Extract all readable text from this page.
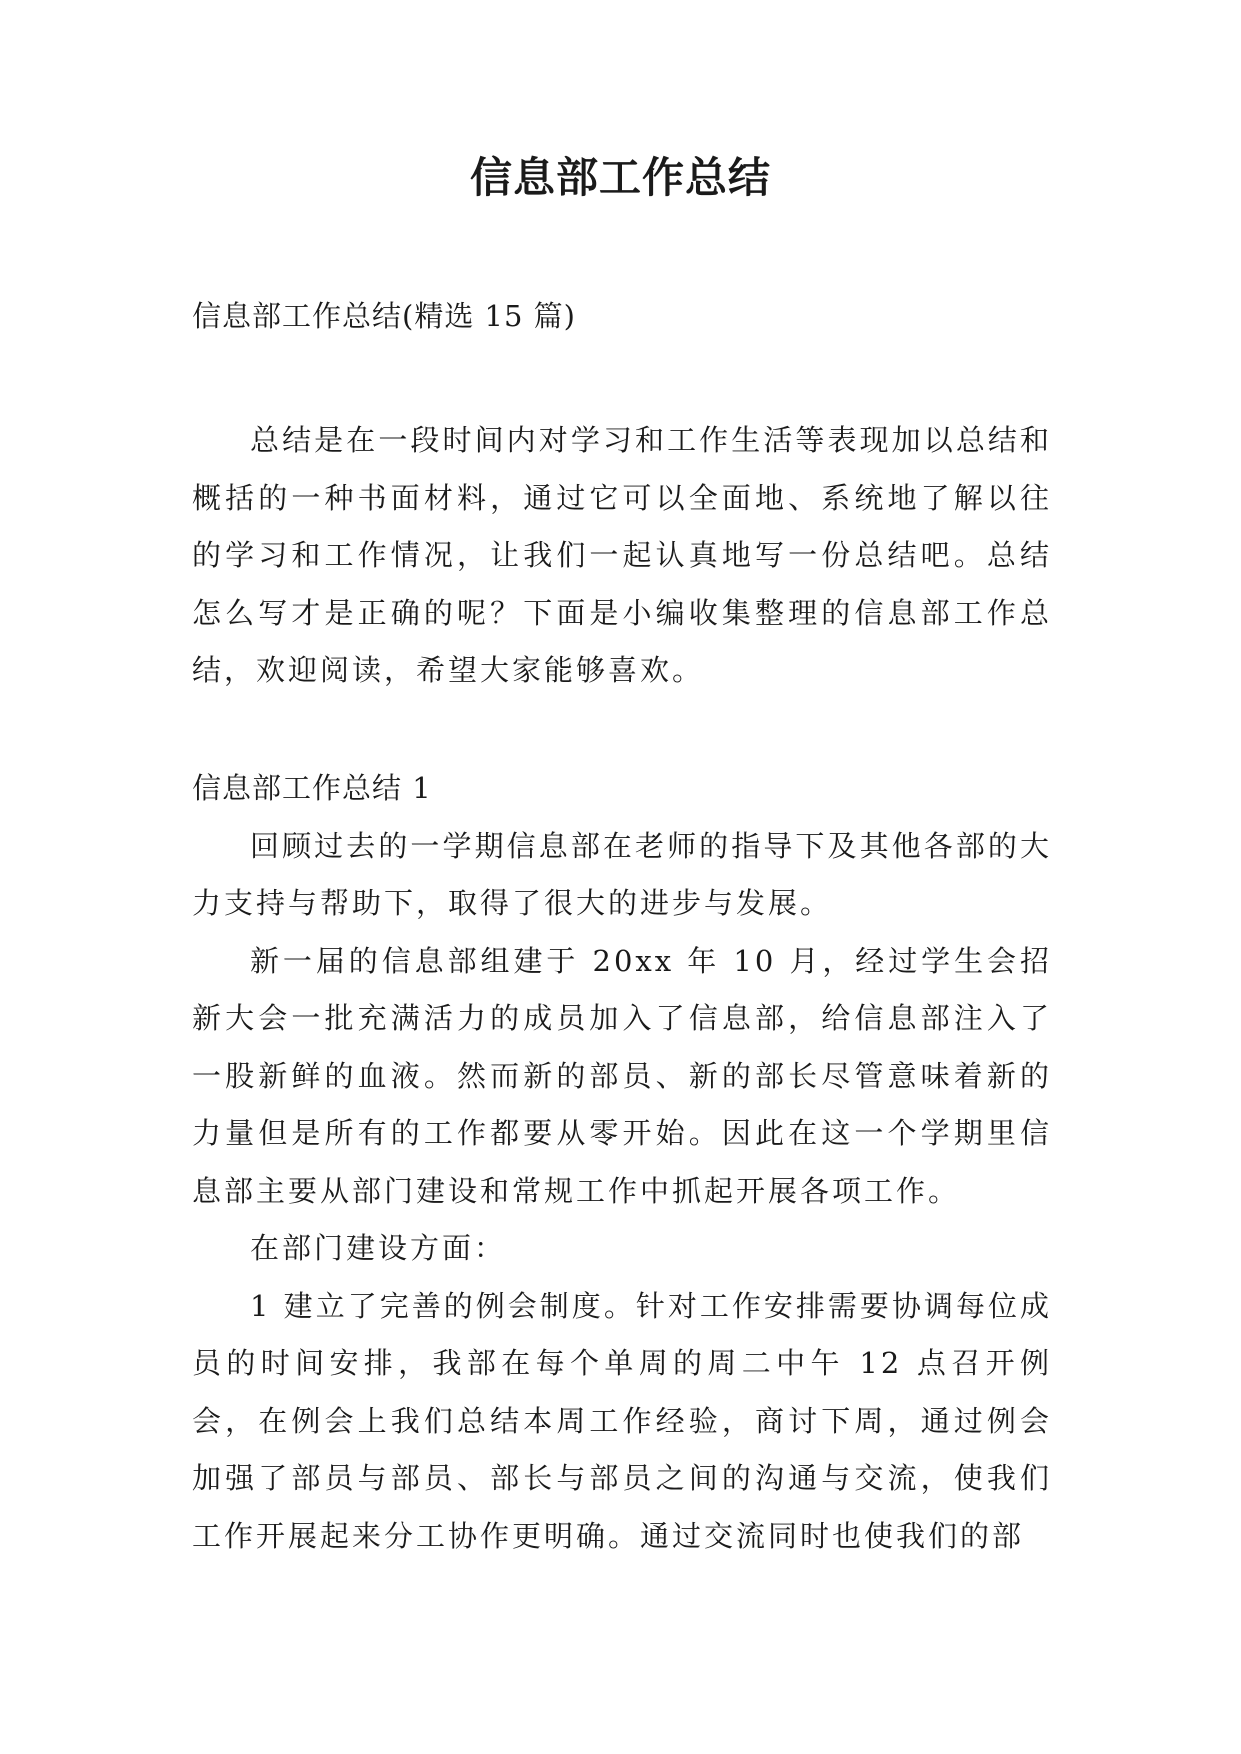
信息部工作总结
信息部工作总结(精选 15 篇)
总结是在一段时间内对学习和工作生活等表现加以总结和概括的一种书面材料，通过它可以全面地、系统地了解以往的学习和工作情况，让我们一起认真地写一份总结吧。总结怎么写才是正确的呢？下面是小编收集整理的信息部工作总结，欢迎阅读，希望大家能够喜欢。

信息部工作总结 1

回顾过去的一学期信息部在老师的指导下及其他各部的大力支持与帮助下，取得了很大的进步与发展。

新一届的信息部组建于 20xx 年 10 月，经过学生会招新大会一批充满活力的成员加入了信息部，给信息部注入了一股新鲜的血液。然而新的部员、新的部长尽管意味着新的力量但是所有的工作都要从零开始。因此在这一个学期里信息部主要从部门建设和常规工作中抓起开展各项工作。

在部门建设方面：

1 建立了完善的例会制度。针对工作安排需要协调每位成员的时间安排，我部在每个单周的周二中午 12 点召开例会，在例会上我们总结本周工作经验，商讨下周，通过例会加强了部员与部员、部长与部员之间的沟通与交流，使我们工作开展起来分工协作更明确。通过交流同时也使我们的部
